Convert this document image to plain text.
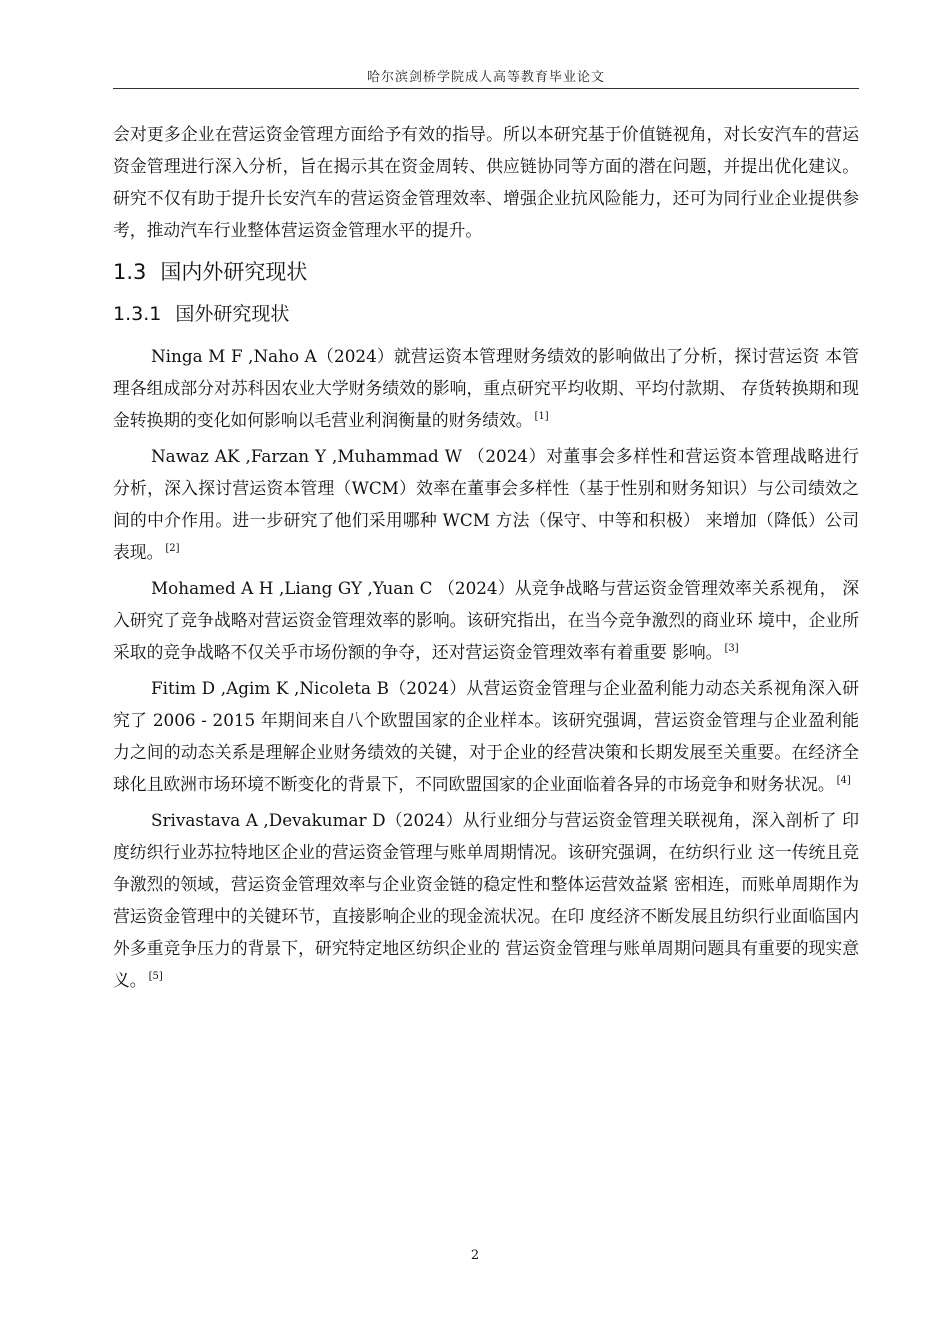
哈尔滨剑桥学院成人高等教育毕业论文

会对更多企业在营运资金管理方面给予有效的指导。所以本研究基于价值链视角，对长安汽车的营运资金管理进行深入分析，旨在揭示其在资金周转、供应链协同等方面的潜在问题，并提出优化建议。研究不仅有助于提升长安汽车的营运资金管理效率、增强企业抗风险能力，还可为同行业企业提供参考，推动汽车行业整体营运资金管理水平的提升。

1.3 国内外研究现状
1.3.1 国外研究现状

Ninga M F ,Naho A（2024）就营运资本管理财务绩效的影响做出了分析，探讨营运资 本管理各组成部分对苏科因农业大学财务绩效的影响，重点研究平均收期、平均付款期、 存货转换期和现金转换期的变化如何影响以毛营业利润衡量的财务绩效。 [1]

Nawaz AK ,Farzan Y ,Muhammad W （2024）对董事会多样性和营运资本管理战略进行分析，深入探讨营运资本管理（WCM）效率在董事会多样性（基于性别和财务知识）与公司绩效之间的中介作用。进一步研究了他们采用哪种 WCM 方法（保守、中等和积极） 来增加（降低）公司表现。 [2]

Mohamed A H ,Liang GY ,Yuan C （2024）从竞争战略与营运资金管理效率关系视角， 深入研究了竞争战略对营运资金管理效率的影响。该研究指出，在当今竞争激烈的商业环 境中，企业所采取的竞争战略不仅关乎市场份额的争夺，还对营运资金管理效率有着重要 影响。 [3]

Fitim D ,Agim K ,Nicoleta B（2024）从营运资金管理与企业盈利能力动态关系视角深入研究了 2006 - 2015 年期间来自八个欧盟国家的企业样本。该研究强调，营运资金管理与企业盈利能力之间的动态关系是理解企业财务绩效的关键，对于企业的经营决策和长期发展至关重要。在经济全球化且欧洲市场环境不断变化的背景下，不同欧盟国家的企业面临着各异的市场竞争和财务状况。 [4]

Srivastava A ,Devakumar D（2024）从行业细分与营运资金管理关联视角，深入剖析了 印度纺织行业苏拉特地区企业的营运资金管理与账单周期情况。该研究强调，在纺织行业 这一传统且竞争激烈的领域，营运资金管理效率与企业资金链的稳定性和整体运营效益紧 密相连，而账单周期作为营运资金管理中的关键环节，直接影响企业的现金流状况。在印 度经济不断发展且纺织行业面临国内外多重竞争压力的背景下，研究特定地区纺织企业的 营运资金管理与账单周期问题具有重要的现实意义。 [5]

2
